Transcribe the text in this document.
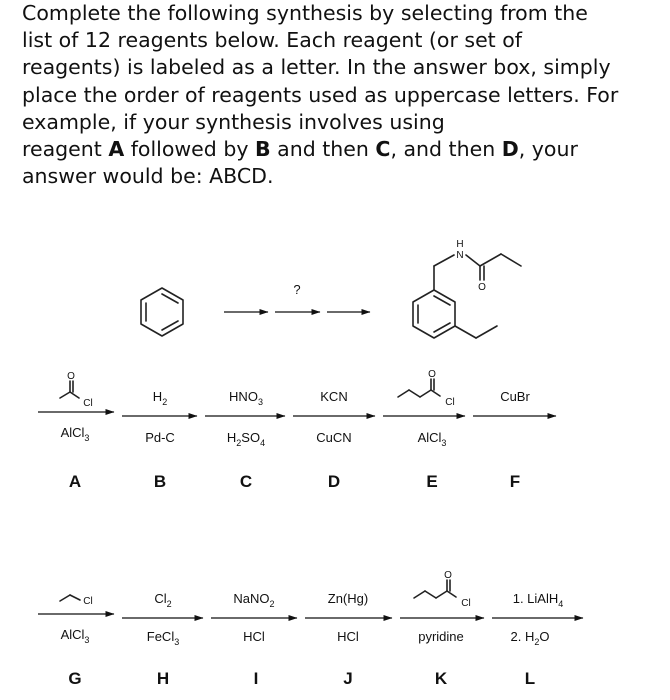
Complete the following synthesis by selecting from the

list of 12 reagents below. Each reagent (or set of

reagents) is labeled as a letter. In the answer box, simply

place the order of reagents used as uppercase letters. For

example, if your synthesis involves using

reagent A followed by B and then C, and then D, your

answer would be: ABCD.

?
H
N
O
O
Cl
AlCl$_3$
A
$H_2$
Pd-C
B
$HNO_3$
$H_2SO_4$
C
KCN
CuCN
D
O
Cl
AlCl$_3$
E
CuBr
F
Cl
AlCl$_3$
G
$Cl_2$
FeCl$_3$
H
NaNO$_2$
HCl
I
Zn(Hg)
HCl
J
O
Cl
pyridine
K
1. LiAlH$_4$
2. $H_2O$
L
